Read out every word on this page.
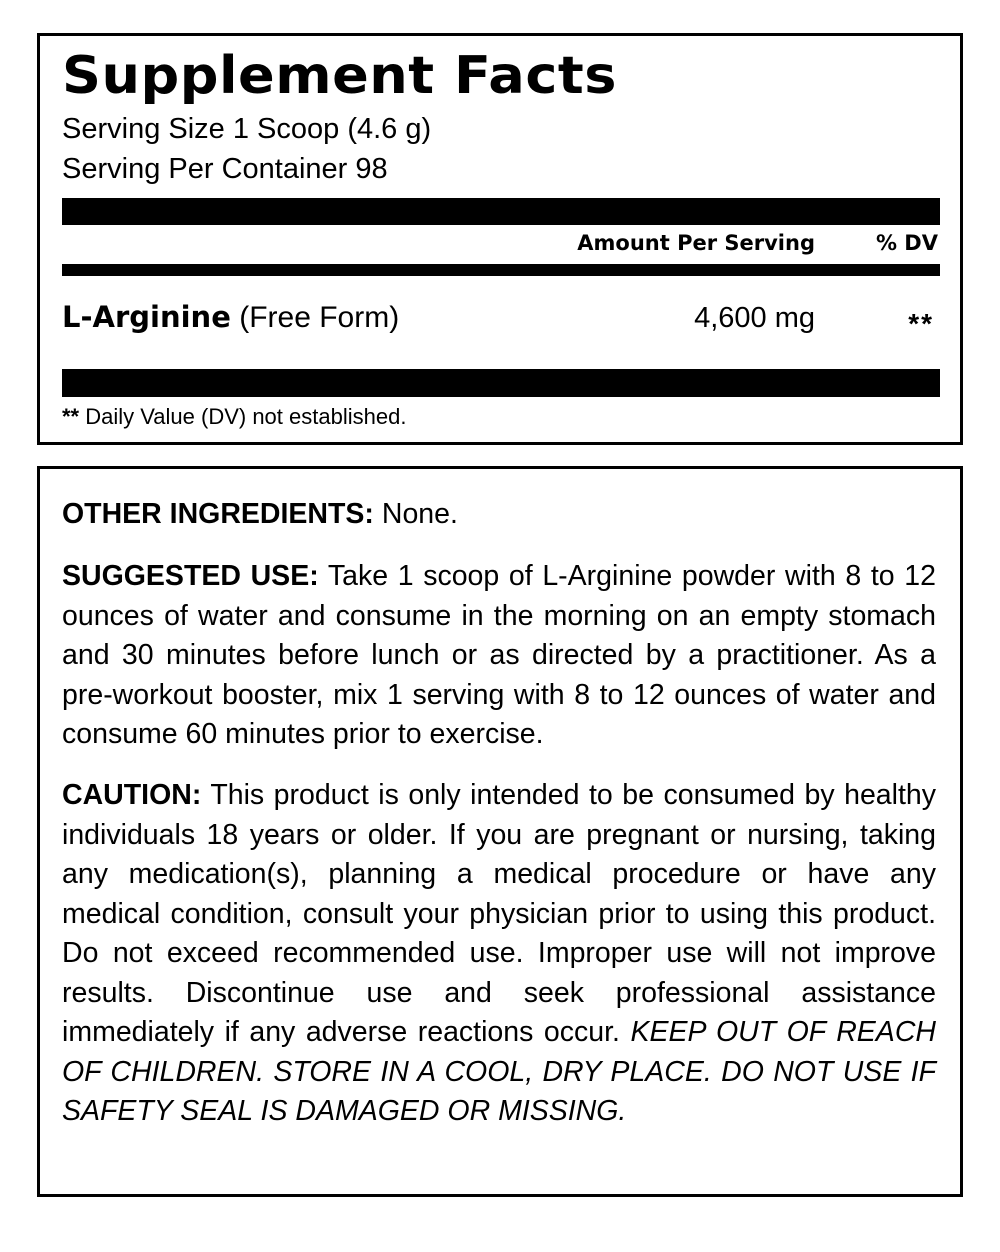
Supplement Facts
Serving Size 1 Scoop (4.6 g)
Serving Per Container 98
Amount Per Serving	% DV
L-Arginine (Free Form)	4,600 mg	**
** Daily Value (DV) not established.
OTHER INGREDIENTS: None.
SUGGESTED USE: Take 1 scoop of L-Arginine powder with 8 to 12 ounces of water and consume in the morning on an empty stomach and 30 minutes before lunch or as directed by a practitioner. As a pre-workout booster, mix 1 serving with 8 to 12 ounces of water and consume 60 minutes prior to exercise.
CAUTION: This product is only intended to be consumed by healthy individuals 18 years or older. If you are pregnant or nursing, taking any medication(s), planning a medical procedure or have any medical condition, consult your physician prior to using this product. Do not exceed recommended use. Improper use will not improve results. Discontinue use and seek professional assistance immediately if any adverse reactions occur. KEEP OUT OF REACH OF CHILDREN. STORE IN A COOL, DRY PLACE. DO NOT USE IF SAFETY SEAL IS DAMAGED OR MISSING.
